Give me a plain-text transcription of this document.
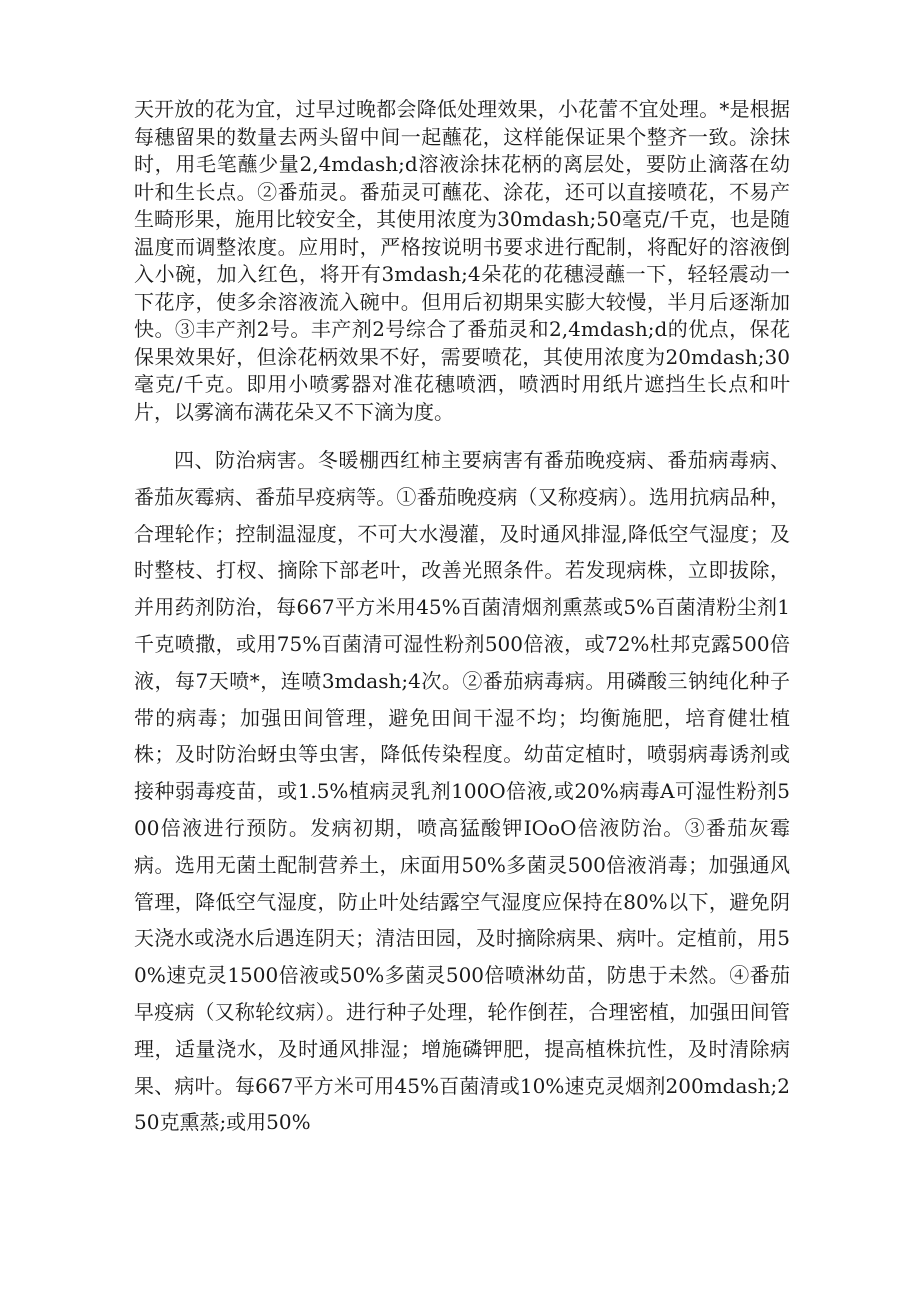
天开放的花为宜，过早过晚都会降低处理效果，小花蕾不宜处理。*是根据每穗留果的数量去两头留中间一起蘸花，这样能保证果个整齐一致。涂抹时，用毛笔蘸少量2,4mdash;d溶液涂抹花柄的离层处，要防止滴落在幼叶和生长点。②番茄灵。番茄灵可蘸花、涂花，还可以直接喷花，不易产生畸形果，施用比较安全，其使用浓度为30mdash;50毫克/千克，也是随温度而调整浓度。应用时，严格按说明书要求进行配制，将配好的溶液倒入小碗，加入红色，将开有3mdash;4朵花的花穗浸蘸一下，轻轻震动一下花序，使多余溶液流入碗中。但用后初期果实膨大较慢，半月后逐渐加快。③丰产剂2号。丰产剂2号综合了番茄灵和2,4mdash;d的优点，保花保果效果好，但涂花柄效果不好，需要喷花，其使用浓度为20mdash;30毫克/千克。即用小喷雾器对准花穗喷洒，喷洒时用纸片遮挡生长点和叶片，以雾滴布满花朵又不下滴为度。

四、防治病害。冬暖棚西红柿主要病害有番茄晚疫病、番茄病毒病、番茄灰霉病、番茄早疫病等。①番茄晚疫病（又称疫病）。选用抗病品种，合理轮作；控制温湿度，不可大水漫灌，及时通风排湿,降低空气湿度；及时整枝、打杈、摘除下部老叶，改善光照条件。若发现病株，立即拔除，并用药剂防治，每667平方米用45%百菌清烟剂熏蒸或5%百菌清粉尘剂1千克喷撒，或用75%百菌清可湿性粉剂500倍液，或72%杜邦克露500倍液，每7天喷*，连喷3mdash;4次。②番茄病毒病。用磷酸三钠纯化种子带的病毒；加强田间管理，避免田间干湿不均；均衡施肥，培育健壮植株；及时防治蚜虫等虫害，降低传染程度。幼苗定植时，喷弱病毒诱剂或接种弱毒疫苗，或1.5%植病灵乳剂100O倍液,或20%病毒A可湿性粉剂500倍液进行预防。发病初期，喷高猛酸钾IOoO倍液防治。③番茄灰霉病。选用无菌土配制营养土，床面用50%多菌灵500倍液消毒；加强通风管理，降低空气湿度，防止叶处结露空气湿度应保持在80%以下，避免阴天浇水或浇水后遇连阴天；清洁田园，及时摘除病果、病叶。定植前，用50%速克灵1500倍液或50%多菌灵500倍喷淋幼苗，防患于未然。④番茄早疫病（又称轮纹病）。进行种子处理，轮作倒茬，合理密植，加强田间管理，适量浇水，及时通风排湿；增施磷钾肥，提高植株抗性，及时清除病果、病叶。每667平方米可用45%百菌清或10%速克灵烟剂200mdash;250克熏蒸;或用50%
